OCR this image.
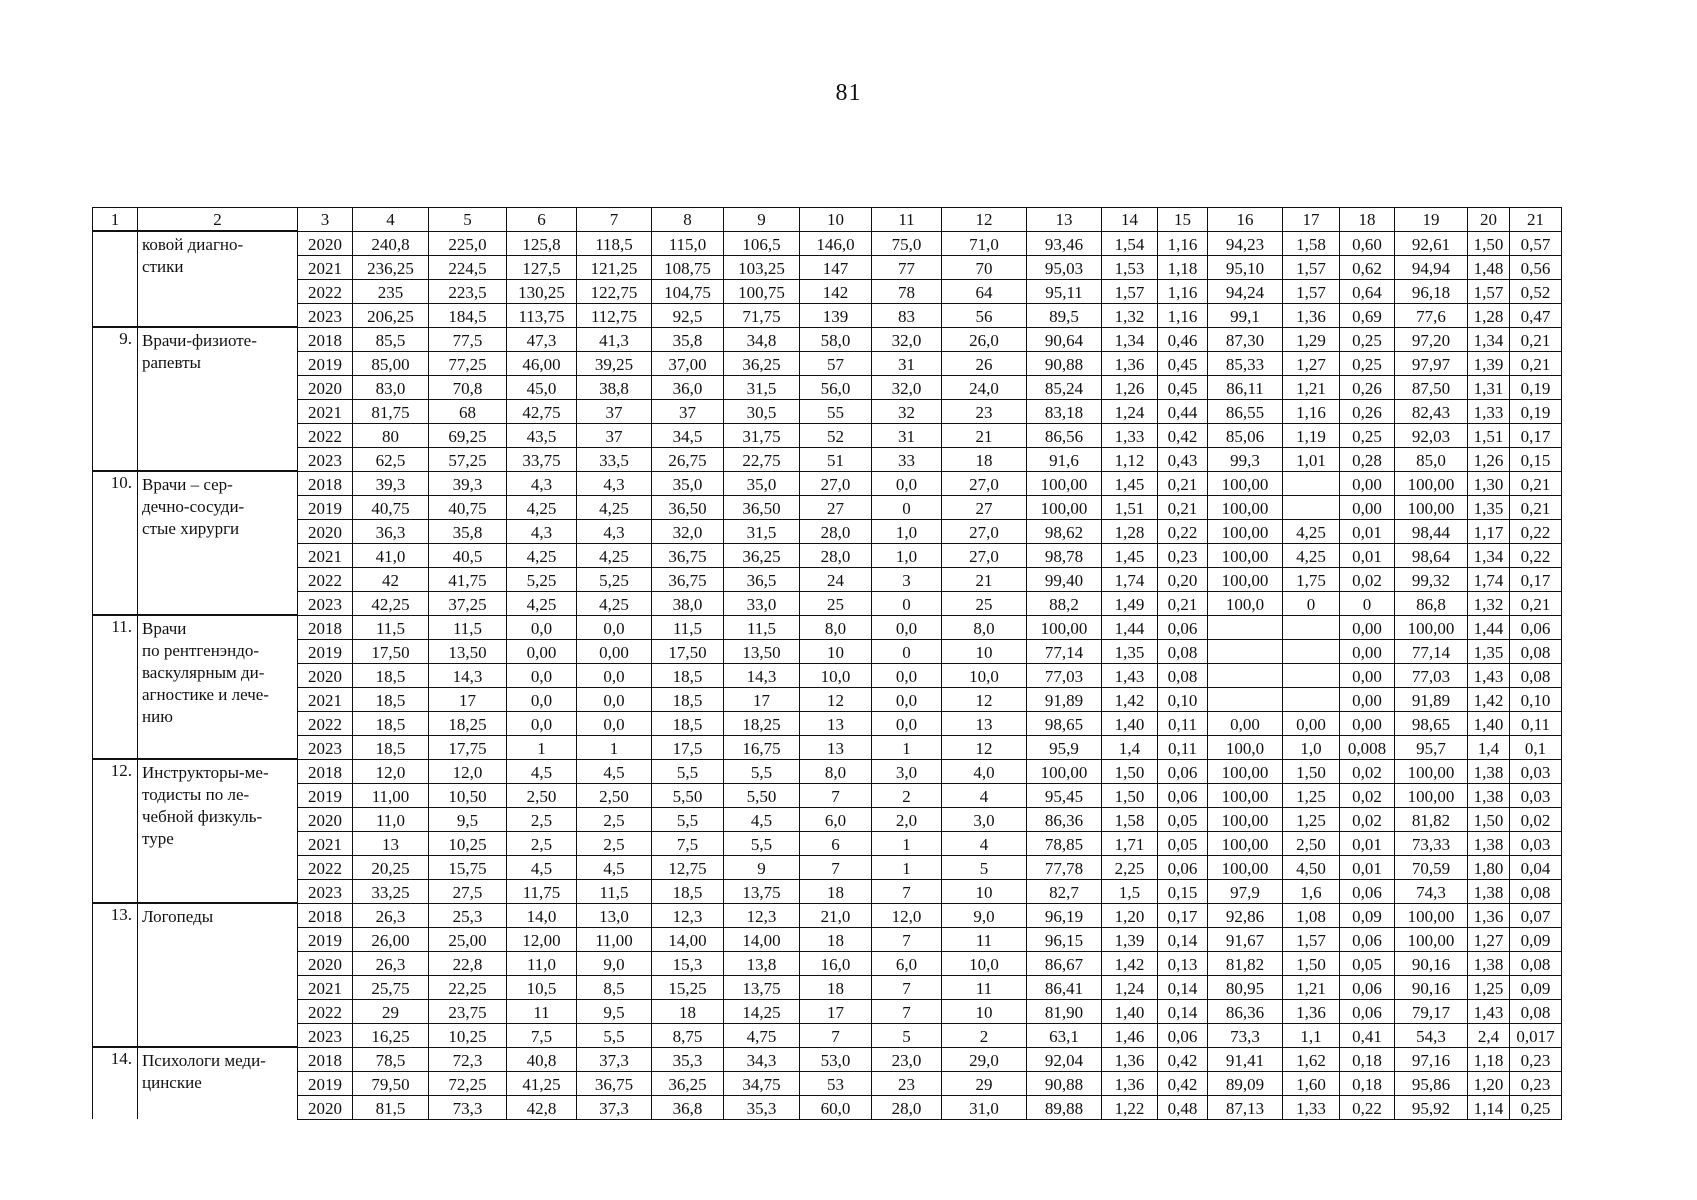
81
1	2	3	4	5	6	7	8	9	10	11	12	13	14	15	16	17	18	19	20	21

	ковой диагно-
стики	2020	240,8	225,0	125,8	118,5	115,0	106,5	146,0	75,0	71,0	93,46	1,54	1,16	94,23	1,58	0,60	92,61	1,50	0,57
		2021	236,25	224,5	127,5	121,25	108,75	103,25	147	77	70	95,03	1,53	1,18	95,10	1,57	0,62	94,94	1,48	0,56
		2022	235	223,5	130,25	122,75	104,75	100,75	142	78	64	95,11	1,57	1,16	94,24	1,57	0,64	96,18	1,57	0,52
		2023	206,25	184,5	113,75	112,75	92,5	71,75	139	83	56	89,5	1,32	1,16	99,1	1,36	0,69	77,6	1,28	0,47
9.	Врачи-физиоте-
рапевты	2018	85,5	77,5	47,3	41,3	35,8	34,8	58,0	32,0	26,0	90,64	1,34	0,46	87,30	1,29	0,25	97,20	1,34	0,21
		2019	85,00	77,25	46,00	39,25	37,00	36,25	57	31	26	90,88	1,36	0,45	85,33	1,27	0,25	97,97	1,39	0,21
		2020	83,0	70,8	45,0	38,8	36,0	31,5	56,0	32,0	24,0	85,24	1,26	0,45	86,11	1,21	0,26	87,50	1,31	0,19
		2021	81,75	68	42,75	37	37	30,5	55	32	23	83,18	1,24	0,44	86,55	1,16	0,26	82,43	1,33	0,19
		2022	80	69,25	43,5	37	34,5	31,75	52	31	21	86,56	1,33	0,42	85,06	1,19	0,25	92,03	1,51	0,17
		2023	62,5	57,25	33,75	33,5	26,75	22,75	51	33	18	91,6	1,12	0,43	99,3	1,01	0,28	85,0	1,26	0,15
10.	Врачи – сер-
дечно-сосуди-
стые хирурги	2018	39,3	39,3	4,3	4,3	35,0	35,0	27,0	0,0	27,0	100,00	1,45	0,21	100,00		0,00	100,00	1,30	0,21
		2019	40,75	40,75	4,25	4,25	36,50	36,50	27	0	27	100,00	1,51	0,21	100,00		0,00	100,00	1,35	0,21
		2020	36,3	35,8	4,3	4,3	32,0	31,5	28,0	1,0	27,0	98,62	1,28	0,22	100,00	4,25	0,01	98,44	1,17	0,22
		2021	41,0	40,5	4,25	4,25	36,75	36,25	28,0	1,0	27,0	98,78	1,45	0,23	100,00	4,25	0,01	98,64	1,34	0,22
		2022	42	41,75	5,25	5,25	36,75	36,5	24	3	21	99,40	1,74	0,20	100,00	1,75	0,02	99,32	1,74	0,17
		2023	42,25	37,25	4,25	4,25	38,0	33,0	25	0	25	88,2	1,49	0,21	100,0	0	0	86,8	1,32	0,21
11.	Врачи
по рентгенэндо-
васкулярным ди-
агностике и лече-
нию	2018	11,5	11,5	0,0	0,0	11,5	11,5	8,0	0,0	8,0	100,00	1,44	0,06			0,00	100,00	1,44	0,06
		2019	17,50	13,50	0,00	0,00	17,50	13,50	10	0	10	77,14	1,35	0,08			0,00	77,14	1,35	0,08
		2020	18,5	14,3	0,0	0,0	18,5	14,3	10,0	0,0	10,0	77,03	1,43	0,08			0,00	77,03	1,43	0,08
		2021	18,5	17	0,0	0,0	18,5	17	12	0,0	12	91,89	1,42	0,10			0,00	91,89	1,42	0,10
		2022	18,5	18,25	0,0	0,0	18,5	18,25	13	0,0	13	98,65	1,40	0,11	0,00	0,00	0,00	98,65	1,40	0,11
		2023	18,5	17,75	1	1	17,5	16,75	13	1	12	95,9	1,4	0,11	100,0	1,0	0,008	95,7	1,4	0,1
12.	Инструкторы-ме-
тодисты по ле-
чебной физкуль-
туре	2018	12,0	12,0	4,5	4,5	5,5	5,5	8,0	3,0	4,0	100,00	1,50	0,06	100,00	1,50	0,02	100,00	1,38	0,03
		2019	11,00	10,50	2,50	2,50	5,50	5,50	7	2	4	95,45	1,50	0,06	100,00	1,25	0,02	100,00	1,38	0,03
		2020	11,0	9,5	2,5	2,5	5,5	4,5	6,0	2,0	3,0	86,36	1,58	0,05	100,00	1,25	0,02	81,82	1,50	0,02
		2021	13	10,25	2,5	2,5	7,5	5,5	6	1	4	78,85	1,71	0,05	100,00	2,50	0,01	73,33	1,38	0,03
		2022	20,25	15,75	4,5	4,5	12,75	9	7	1	5	77,78	2,25	0,06	100,00	4,50	0,01	70,59	1,80	0,04
		2023	33,25	27,5	11,75	11,5	18,5	13,75	18	7	10	82,7	1,5	0,15	97,9	1,6	0,06	74,3	1,38	0,08
13.	Логопеды	2018	26,3	25,3	14,0	13,0	12,3	12,3	21,0	12,0	9,0	96,19	1,20	0,17	92,86	1,08	0,09	100,00	1,36	0,07
		2019	26,00	25,00	12,00	11,00	14,00	14,00	18	7	11	96,15	1,39	0,14	91,67	1,57	0,06	100,00	1,27	0,09
		2020	26,3	22,8	11,0	9,0	15,3	13,8	16,0	6,0	10,0	86,67	1,42	0,13	81,82	1,50	0,05	90,16	1,38	0,08
		2021	25,75	22,25	10,5	8,5	15,25	13,75	18	7	11	86,41	1,24	0,14	80,95	1,21	0,06	90,16	1,25	0,09
		2022	29	23,75	11	9,5	18	14,25	17	7	10	81,90	1,40	0,14	86,36	1,36	0,06	79,17	1,43	0,08
		2023	16,25	10,25	7,5	5,5	8,75	4,75	7	5	2	63,1	1,46	0,06	73,3	1,1	0,41	54,3	2,4	0,017
14.	Психологи меди-
цинские	2018	78,5	72,3	40,8	37,3	35,3	34,3	53,0	23,0	29,0	92,04	1,36	0,42	91,41	1,62	0,18	97,16	1,18	0,23
		2019	79,50	72,25	41,25	36,75	36,25	34,75	53	23	29	90,88	1,36	0,42	89,09	1,60	0,18	95,86	1,20	0,23
		2020	81,5	73,3	42,8	37,3	36,8	35,3	60,0	28,0	31,0	89,88	1,22	0,48	87,13	1,33	0,22	95,92	1,14	0,25
